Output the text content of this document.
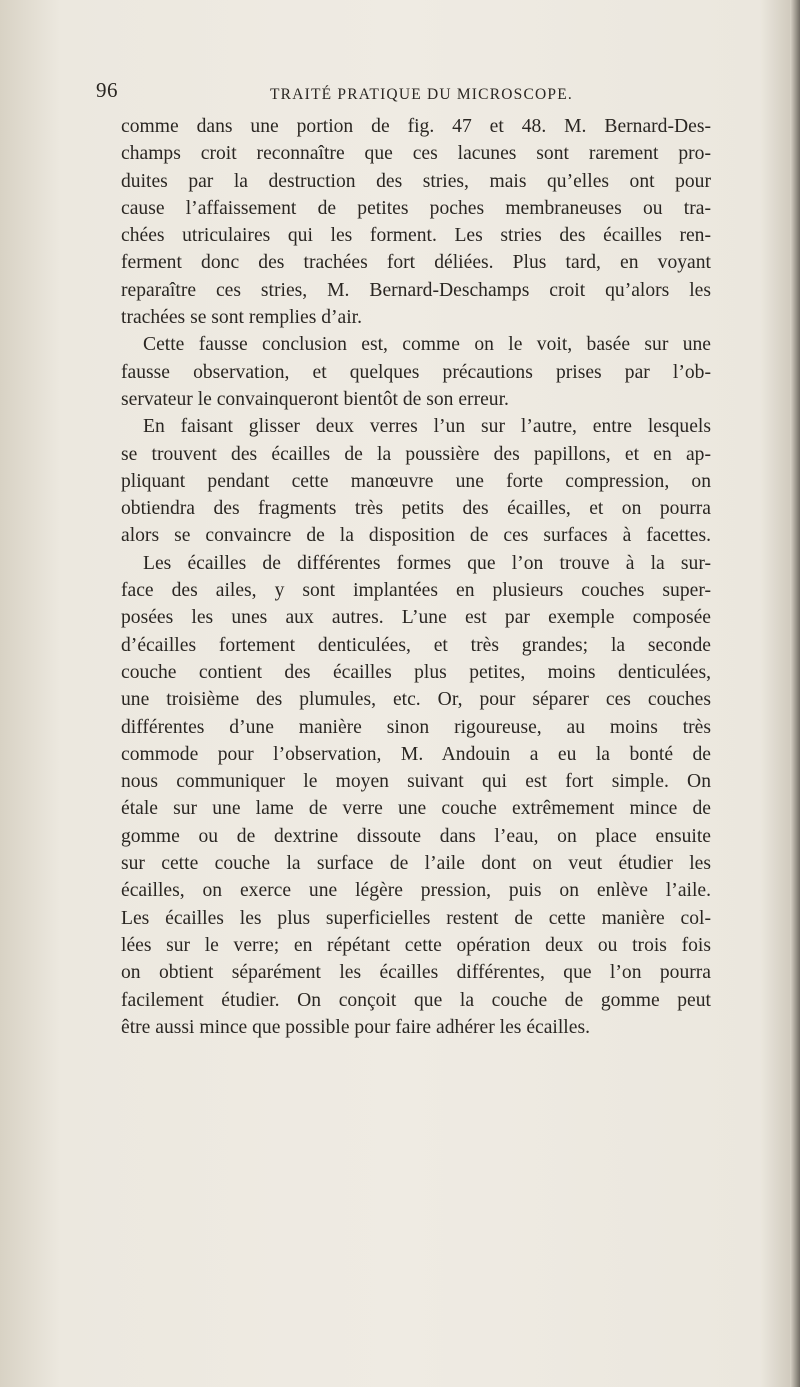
96	TRAITÉ PRATIQUE DU MICROSCOPE.
comme dans une portion de fig. 47 et 48. M. Bernard-Des-
champs croit reconnaître que ces lacunes sont rarement pro-
duites par la destruction des stries, mais qu’elles ont pour
cause l’affaissement de petites poches membraneuses ou tra-
chées utriculaires qui les forment. Les stries des écailles ren-
ferment donc des trachées fort déliées. Plus tard, en voyant
reparaître ces stries, M. Bernard-Deschamps croit qu’alors les
trachées se sont remplies d’air.
Cette fausse conclusion est, comme on le voit, basée sur une
fausse observation, et quelques précautions prises par l’ob-
servateur le convainqueront bientôt de son erreur.
En faisant glisser deux verres l’un sur l’autre, entre lesquels
se trouvent des écailles de la poussière des papillons, et en ap-
pliquant pendant cette manœuvre une forte compression, on
obtiendra des fragments très petits des écailles, et on pourra
alors se convaincre de la disposition de ces surfaces à facettes.
Les écailles de différentes formes que l’on trouve à la sur-
face des ailes, y sont implantées en plusieurs couches super-
posées les unes aux autres. L’une est par exemple composée
d’écailles fortement denticulées, et très grandes; la seconde
couche contient des écailles plus petites, moins denticulées,
une troisième des plumules, etc. Or, pour séparer ces couches
différentes d’une manière sinon rigoureuse, au moins très
commode pour l’observation, M. Andouin a eu la bonté de
nous communiquer le moyen suivant qui est fort simple. On
étale sur une lame de verre une couche extrêmement mince de
gomme ou de dextrine dissoute dans l’eau, on place ensuite
sur cette couche la surface de l’aile dont on veut étudier les
écailles, on exerce une légère pression, puis on enlève l’aile.
Les écailles les plus superficielles restent de cette manière col-
lées sur le verre; en répétant cette opération deux ou trois fois
on obtient séparément les écailles différentes, que l’on pourra
facilement étudier. On conçoit que la couche de gomme peut
être aussi mince que possible pour faire adhérer les écailles.
